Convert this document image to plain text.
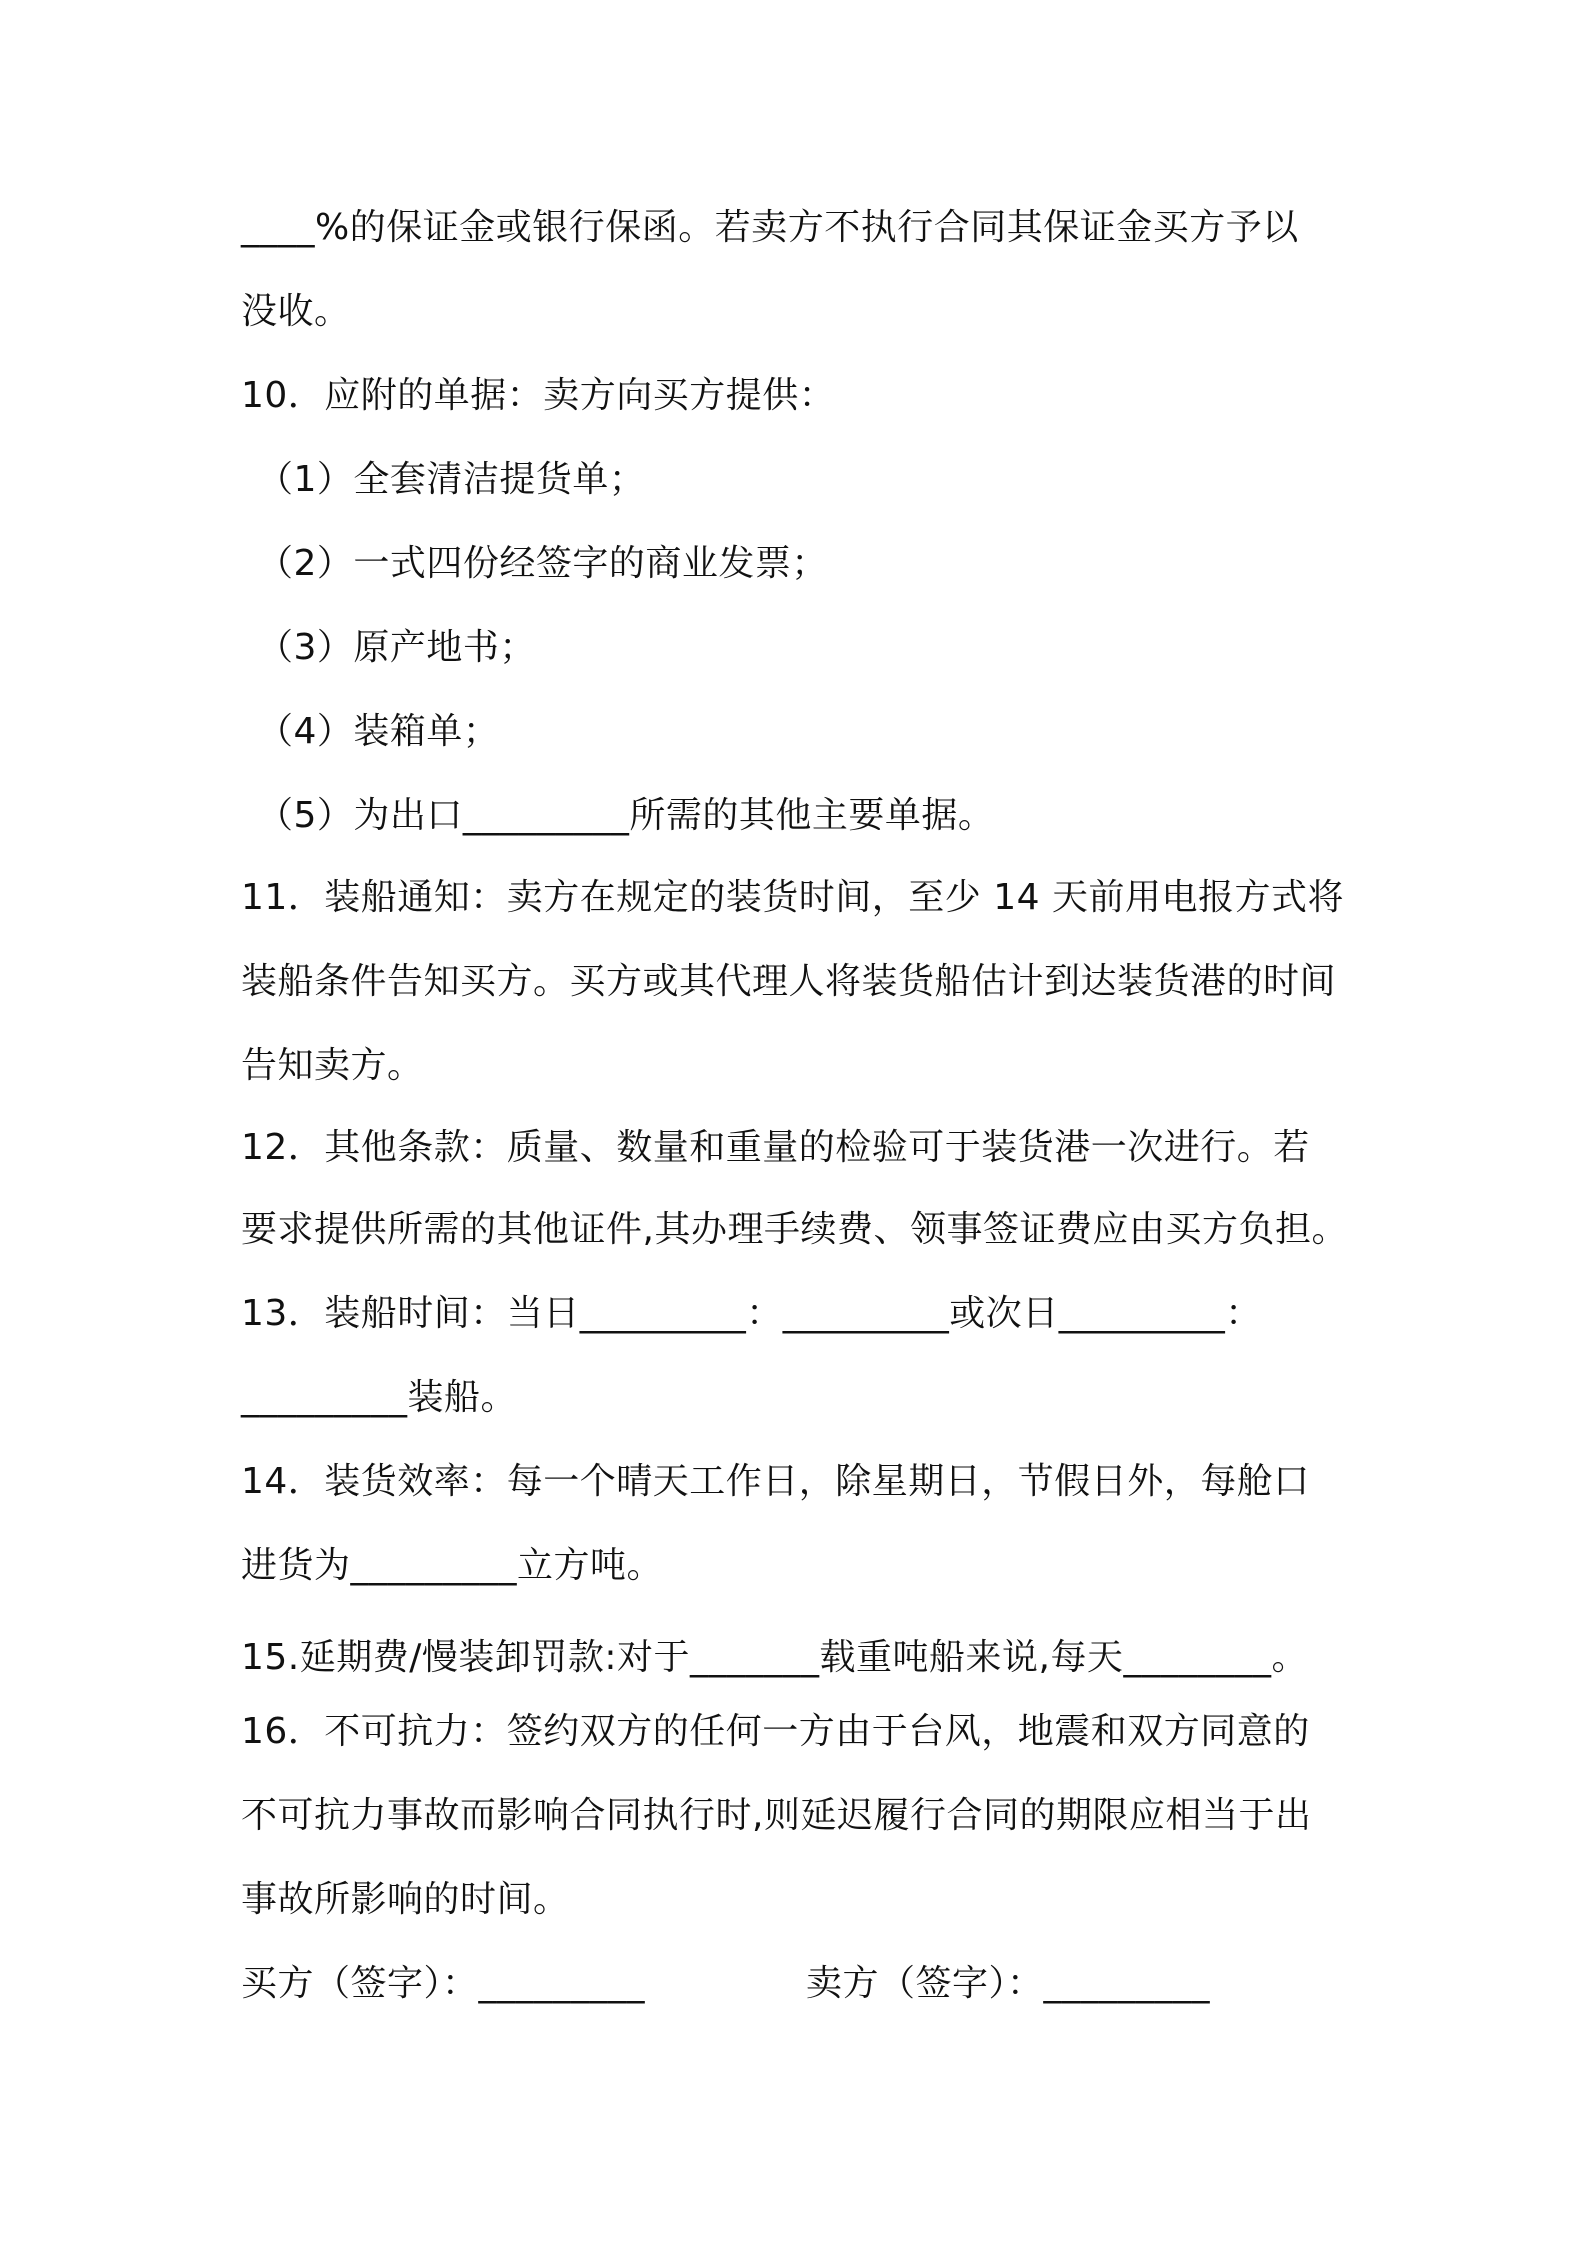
____%的保证金或银行保函。若卖方不执行合同其保证金买方予以
没收。
10．应附的单据：卖方向买方提供：
（1）全套清洁提货单；
（2）一式四份经签字的商业发票；
（3）原产地书；
（4）装箱单；
（5）为出口_________所需的其他主要单据。
11．装船通知：卖方在规定的装货时间，至少 14 天前用电报方式将
装船条件告知买方。买方或其代理人将装货船估计到达装货港的时间
告知卖方。
12．其他条款：质量、数量和重量的检验可于装货港一次进行。若
要求提供所需的其他证件,其办理手续费、领事签证费应由买方负担。
13．装船时间：当日_________：_________或次日_________：
_________装船。
14．装货效率：每一个晴天工作日，除星期日，节假日外，每舱口
进货为_________立方吨。
15.延期费/慢装卸罚款:对于_______载重吨船来说,每天________。
16．不可抗力：签约双方的任何一方由于台风，地震和双方同意的
不可抗力事故而影响合同执行时,则延迟履行合同的期限应相当于出
事故所影响的时间。
买方（签字）：_________	卖方（签字）：_________
